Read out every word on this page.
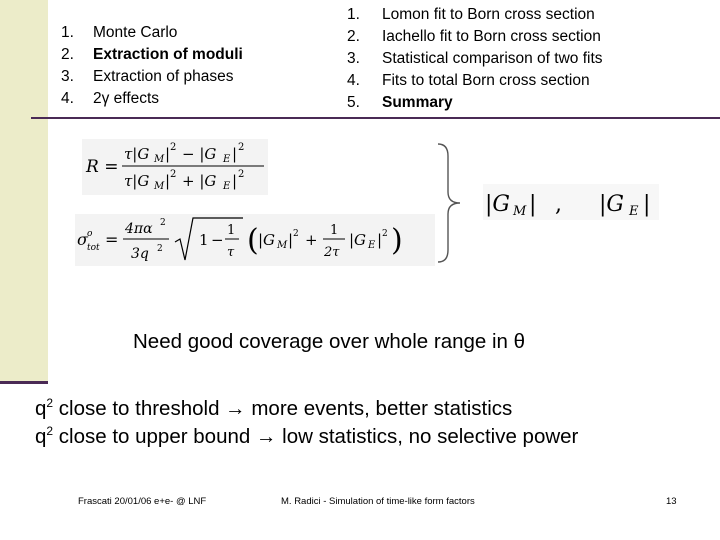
1. Monte Carlo
2. Extraction of moduli
3. Extraction of phases
4. 2γ effects
1. Lomon fit to Born cross section
2. Iachello fit to Born cross section
3. Statistical comparison of two fits
4. Fits to total Born cross section
5. Summary
R =
τ|G M | 2 − |G E | 2
τ|G M | 2 + |G E | 2
σ o
tot =
4πα 2
3q 2 1 −
1
τ ( |G M | 2 +
1
2τ
|G E | 2 )
|G M | , |G E |
Need good coverage over whole range in θ
$q^2$ close to threshold → more events, better statistics
$q^2$ close to upper bound → low statistics, no selective power
Frascati 20/01/06 e+e- @ LNF	M. Radici - Simulation of time-like form factors	13
